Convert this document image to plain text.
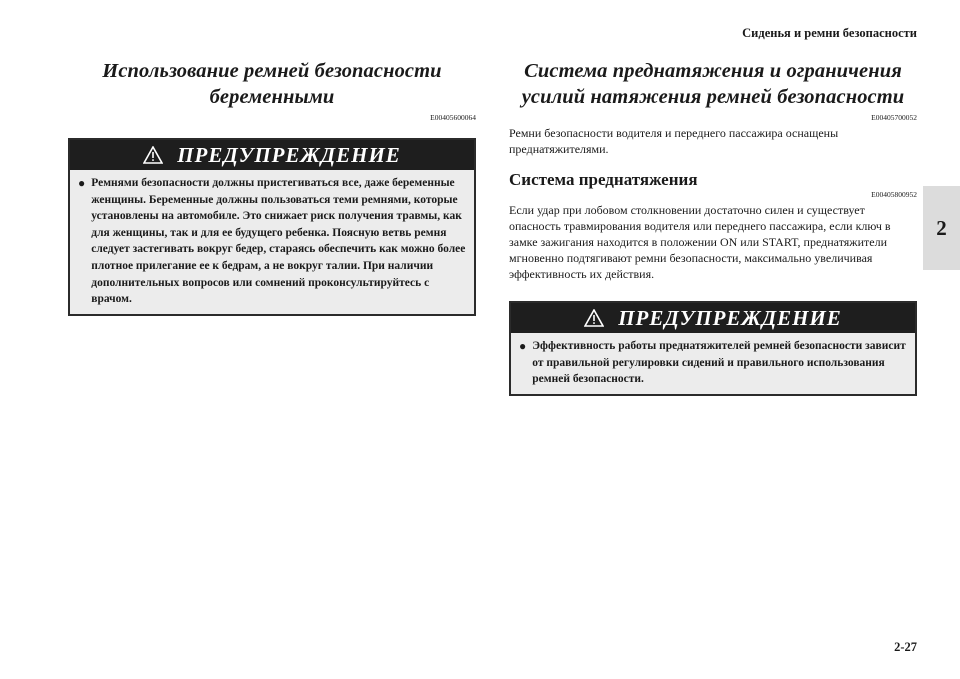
Сиденья и ремни безопасности
2
Использование ремней безопасности беременными
E00405600064
ПРЕДУПРЕЖДЕНИЕ
● Ремнями безопасности должны пристегиваться все, даже беременные женщины. Беременные должны пользоваться теми ремнями, которые установлены на автомобиле. Это снижает риск получения травмы, как для женщины, так и для ее будущего ребенка. Поясную ветвь ремня следует застегивать вокруг бедер, стараясь обеспечить как можно более плотное прилегание ее к бедрам, а не вокруг талии. При наличии дополнительных вопросов или сомнений проконсультируйтесь с врачом.
Система преднатяжения и ограничения усилий натяжения ремней безопасности
E00405700052

Ремни безопасности водителя и переднего пассажира оснащены преднатяжителями.

Система преднатяжения
E00405800952

Если удар при лобовом столкновении достаточно силен и существует опасность травмирования водителя или переднего пассажира, если ключ в замке зажигания находится в положении ON или START, преднатяжители мгновенно подтягивают ремни безопасности, максимально увеличивая эффективность их действия.

ПРЕДУПРЕЖДЕНИЕ
● Эффективность работы преднатяжителей ремней безопасности зависит от правильной регулировки сидений и правильного использования ремней безопасности.
2-27
